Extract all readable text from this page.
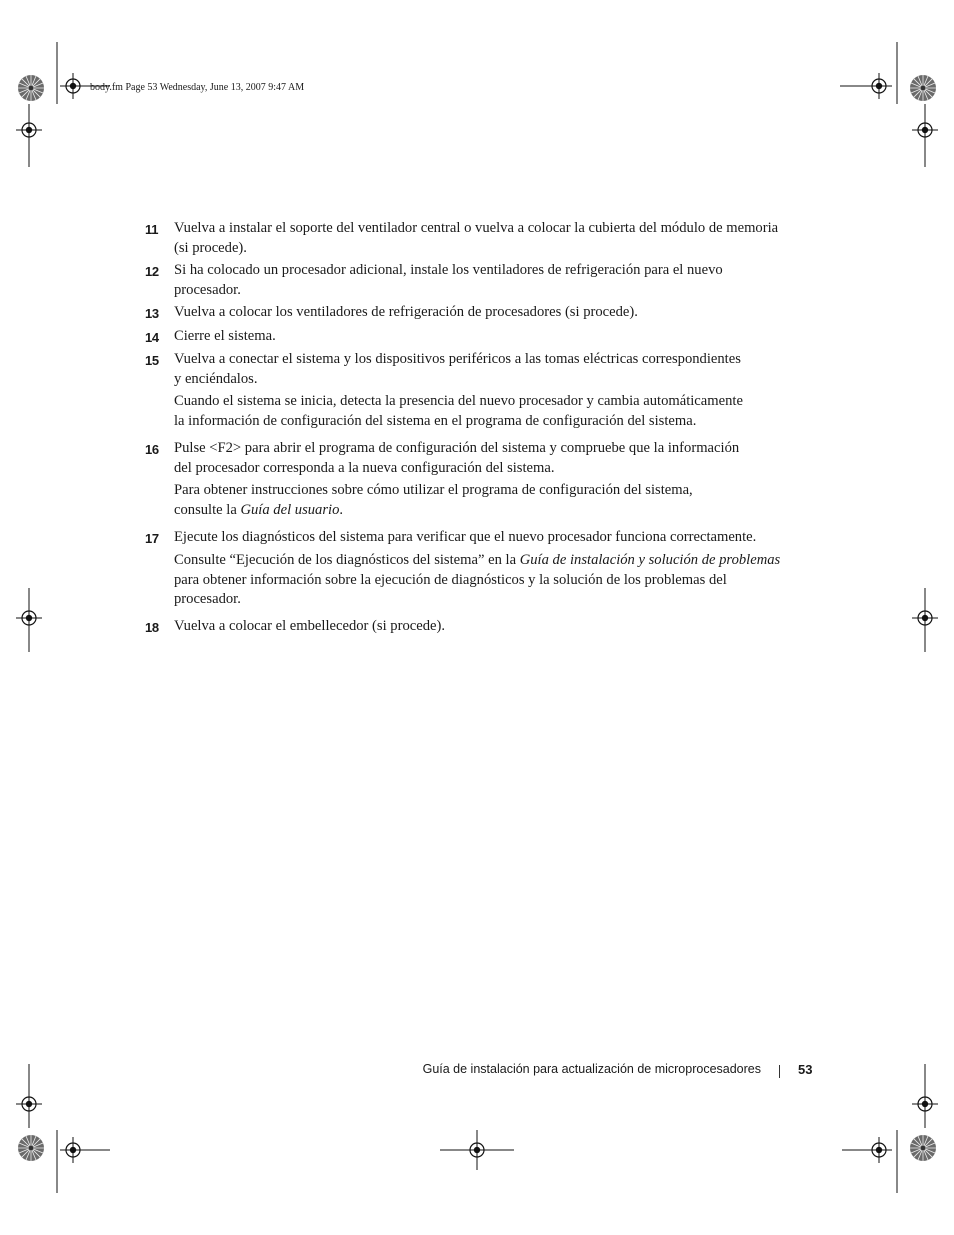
body.fm Page 53 Wednesday, June 13, 2007 9:47 AM
11 Vuelva a instalar el soporte del ventilador central o vuelva a colocar la cubierta del módulo de memoria
(si procede).
12 Si ha colocado un procesador adicional, instale los ventiladores de refrigeración para el nuevo
procesador.
13 Vuelva a colocar los ventiladores de refrigeración de procesadores (si procede).
14 Cierre el sistema.
15 Vuelva a conectar el sistema y los dispositivos periféricos a las tomas eléctricas correspondientes
y enciéndalos.
Cuando el sistema se inicia, detecta la presencia del nuevo procesador y cambia automáticamente
la información de configuración del sistema en el programa de configuración del sistema.
16 Pulse <F2> para abrir el programa de configuración del sistema y compruebe que la información
del procesador corresponda a la nueva configuración del sistema.
Para obtener instrucciones sobre cómo utilizar el programa de configuración del sistema,
consulte la Guía del usuario.
17 Ejecute los diagnósticos del sistema para verificar que el nuevo procesador funciona correctamente.
Consulte “Ejecución de los diagnósticos del sistema” en la Guía de instalación y solución de problemas
para obtener información sobre la ejecución de diagnósticos y la solución de los problemas del
procesador.
18 Vuelva a colocar el embellecedor (si procede).
Guía de instalación para actualización de microprocesadores	53
